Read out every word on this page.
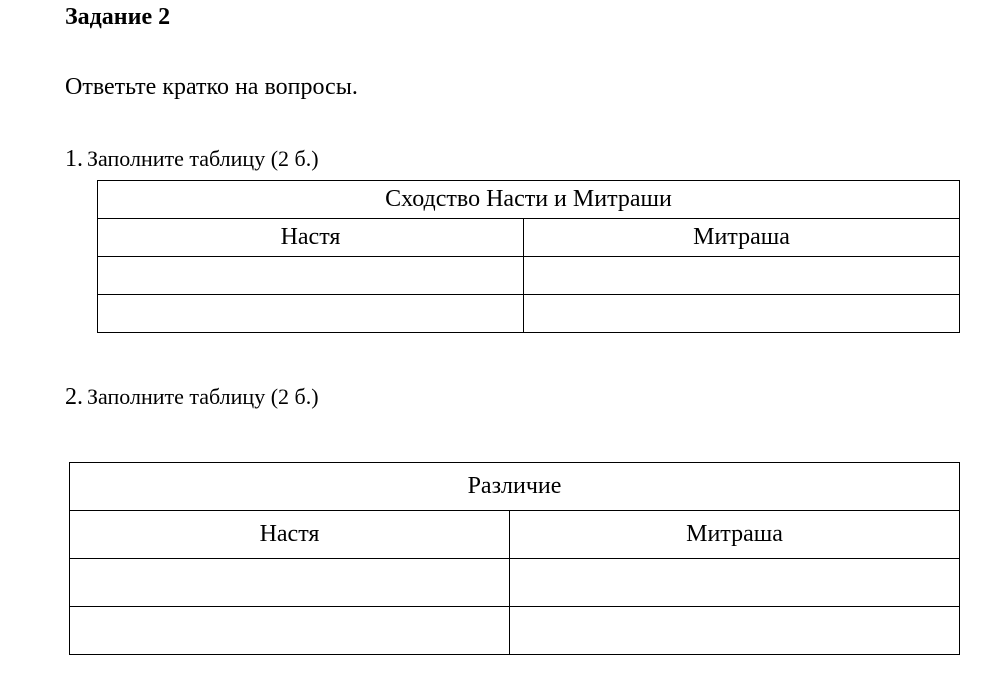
Задание 2
Ответьте кратко на вопросы.
1. Заполните таблицу (2 б.)
Сходство Насти и Митраши	
Настя	Митраша

2. Заполните таблицу (2 б.)
Различие	
Настя	Митраша
